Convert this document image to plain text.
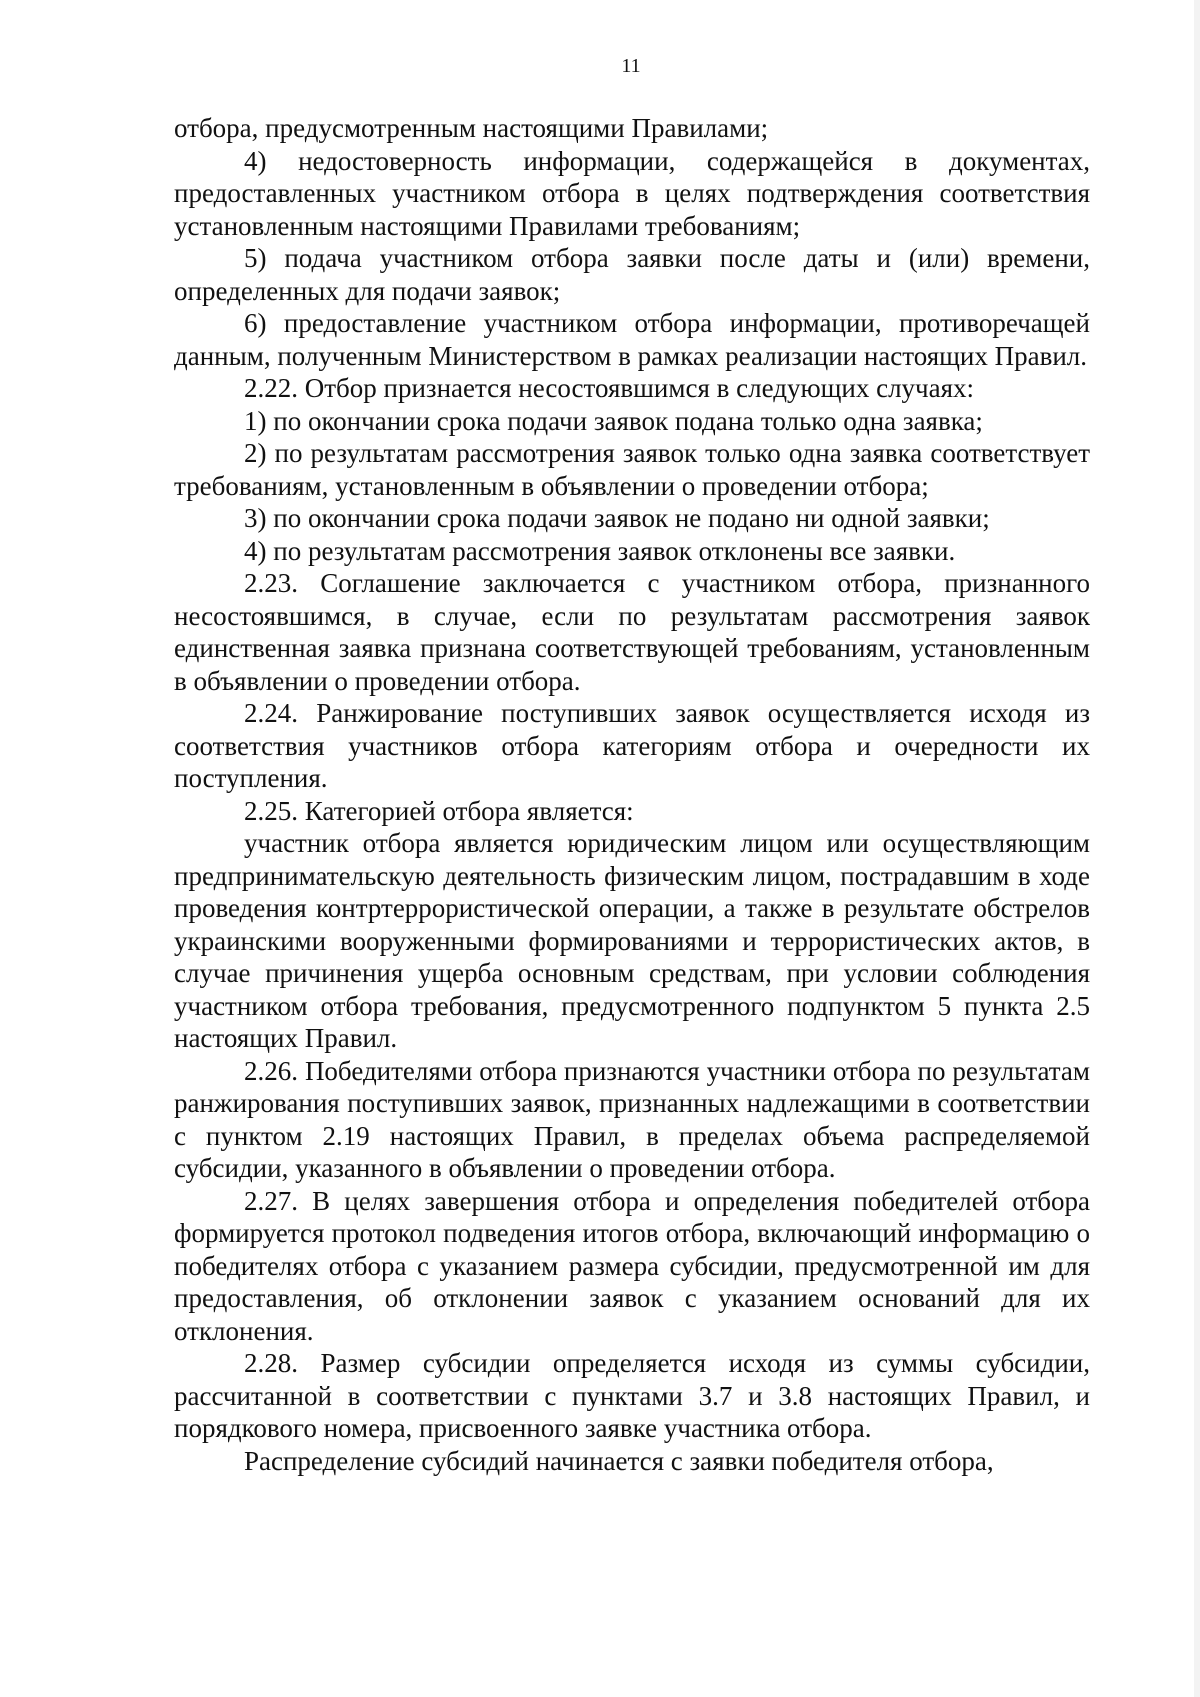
11

отбора, предусмотренным настоящими Правилами;

4) недостоверность информации, содержащейся в документах, предоставленных участником отбора в целях подтверждения соответствия установленным настоящими Правилами требованиям;

5) подача участником отбора заявки после даты и (или) времени, определенных для подачи заявок;

6) предоставление участником отбора информации, противоречащей данным, полученным Министерством в рамках реализации настоящих Правил.

2.22. Отбор признается несостоявшимся в следующих случаях:

1) по окончании срока подачи заявок подана только одна заявка;

2) по результатам рассмотрения заявок только одна заявка соответствует требованиям, установленным в объявлении о проведении отбора;

3) по окончании срока подачи заявок не подано ни одной заявки;

4) по результатам рассмотрения заявок отклонены все заявки.

2.23. Соглашение заключается с участником отбора, признанного несостоявшимся, в случае, если по результатам рассмотрения заявок единственная заявка признана соответствующей требованиям, установленным в объявлении о проведении отбора.

2.24. Ранжирование поступивших заявок осуществляется исходя из соответствия участников отбора категориям отбора и очередности их поступления.

2.25. Категорией отбора является:

участник отбора является юридическим лицом или осуществляющим предпринимательскую деятельность физическим лицом, пострадавшим в ходе проведения контртеррористической операции, а также в результате обстрелов украинскими вооруженными формированиями и террористических актов, в случае причинения ущерба основным средствам, при условии соблюдения участником отбора требования, предусмотренного подпунктом 5 пункта 2.5 настоящих Правил.

2.26. Победителями отбора признаются участники отбора по результатам ранжирования поступивших заявок, признанных надлежащими в соответствии с пунктом 2.19 настоящих Правил, в пределах объема распределяемой субсидии, указанного в объявлении о проведении отбора.

2.27. В целях завершения отбора и определения победителей отбора формируется протокол подведения итогов отбора, включающий информацию о победителях отбора с указанием размера субсидии, предусмотренной им для предоставления, об отклонении заявок с указанием оснований для их отклонения.

2.28. Размер субсидии определяется исходя из суммы субсидии, рассчитанной в соответствии с пунктами 3.7 и 3.8 настоящих Правил, и порядкового номера, присвоенного заявке участника отбора.

Распределение субсидий начинается с заявки победителя отбора,
